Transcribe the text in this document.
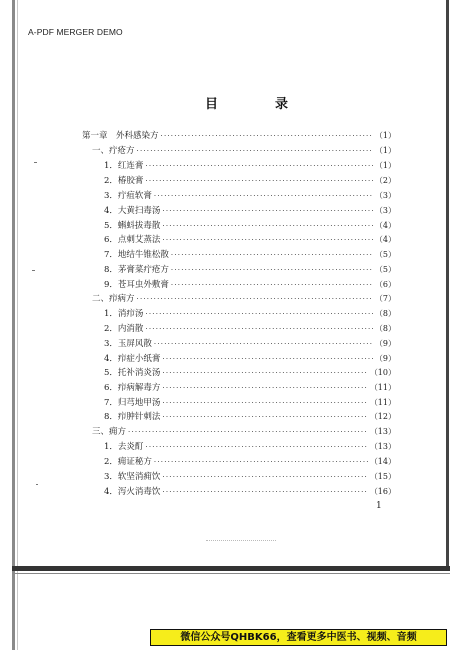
A-PDF MERGER DEMO
目　录
第一章　外科感染方 ·····	（1）
一、疔疮方 ·····	（1）
1．红连膏 ·····	（1）
2．椿胶膏 ·····	（2）
3．疔疽软膏 ·····	（3）
4．大黄扫毒汤 ·····	（3）
5．蝌蚪拔毒散 ·····	（4）
6．点刺艾蒸法 ·····	（4）
7．地结牛锥松散 ·····	（5）
8．茅膏菜疔疮方 ·····	（5）
9．苍耳虫外敷膏 ·····	（6）
二、疖病方 ·····	（7）
1．消疖汤 ·····	（8）
2．内消散 ·····	（8）
3．玉屏风散 ·····	（9）
4．疖症小纸膏 ·····	（9）
5．托补消炎汤 ·····	（10）
6．疖病解毒方 ·····	（11）
7．归芎地甲汤 ·····	（11）
8．疖肿针刺法 ·····	（12）
三、痈方 ·····	（13）
1．去炎酊 ·····	（13）
2．痈证秘方 ·····	（14）
3．软坚消痈饮 ·····	（15）
4．泻火消毒饮 ·····	（16）
1
微信公众号QHBK66，查看更多中医书、视频、音频
